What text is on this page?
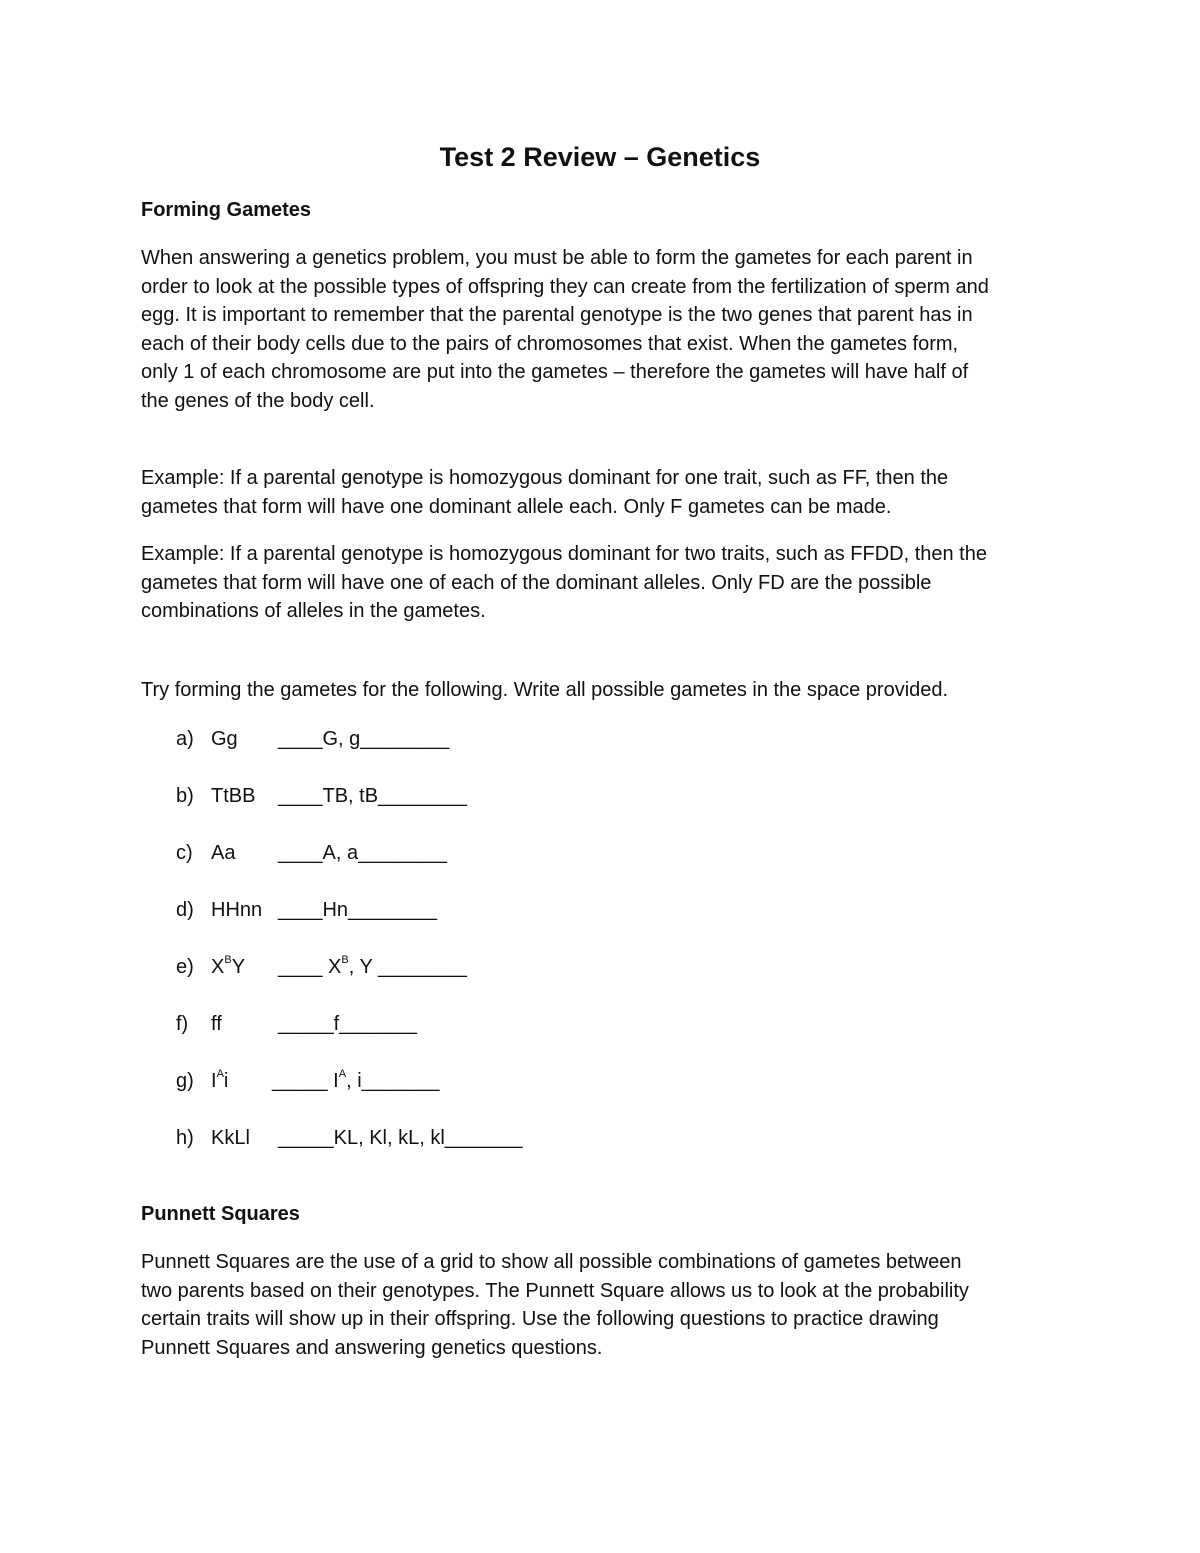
Test 2 Review – Genetics
Forming Gametes
When answering a genetics problem, you must be able to form the gametes for each parent in
order to look at the possible types of offspring they can create from the fertilization of sperm and
egg. It is important to remember that the parental genotype is the two genes that parent has in
each of their body cells due to the pairs of chromosomes that exist. When the gametes form,
only 1 of each chromosome are put into the gametes – therefore the gametes will have half of
the genes of the body cell.
Example: If a parental genotype is homozygous dominant for one trait, such as FF, then the
gametes that form will have one dominant allele each. Only F gametes can be made.
Example: If a parental genotype is homozygous dominant for two traits, such as FFDD, then the
gametes that form will have one of each of the dominant alleles. Only FD are the possible
combinations of alleles in the gametes.
Try forming the gametes for the following. Write all possible gametes in the space provided.
a) Gg ____G, g________
b) TtBB ____TB, tB________
c) Aa ____A, a________
d) HHnn ____Hn________
e) $X^BY$ ____ $X^B$, Y ________
f) ff	_____f_______
g) $I^Ai$ _____ $I^A$, i_______
h) KkLl _____KL, Kl, kL, kl_______
Punnett Squares
Punnett Squares are the use of a grid to show all possible combinations of gametes between
two parents based on their genotypes. The Punnett Square allows us to look at the probability
certain traits will show up in their offspring. Use the following questions to practice drawing
Punnett Squares and answering genetics questions.
